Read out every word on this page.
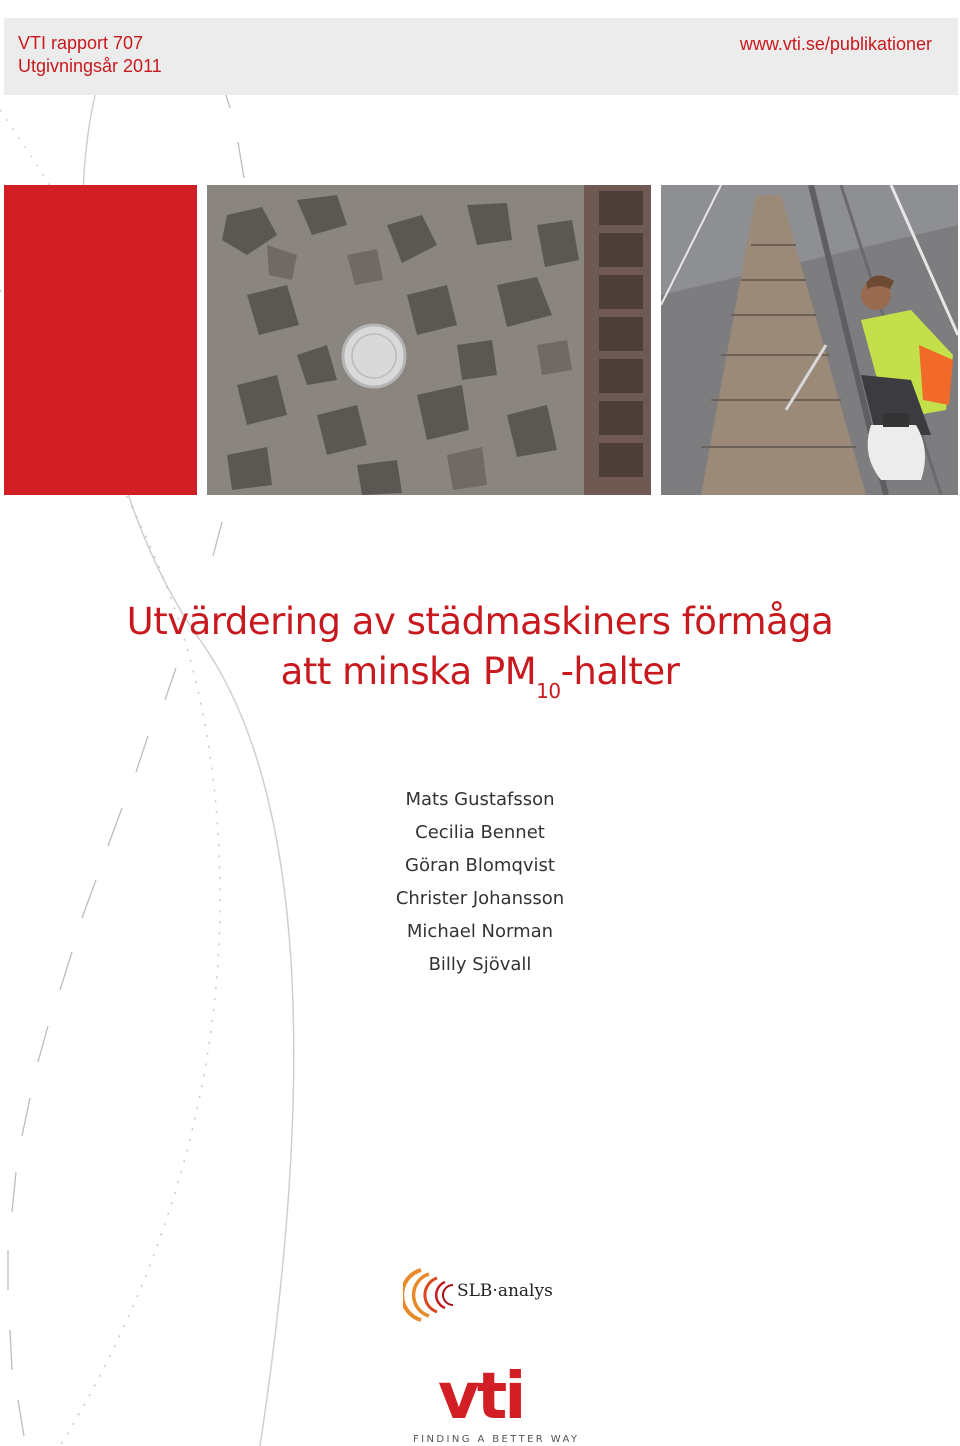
VTI rapport 707
Utgivningsår 2011
www.vti.se/publikationer
Utvärdering av städmaskiners förmåga
att minska $PM_{10}$-halter
Mats Gustafsson
Cecilia Bennet
Göran Blomqvist
Christer Johansson
Michael Norman
Billy Sjövall
SLB·analys
vti
FINDING A BETTER WAY
